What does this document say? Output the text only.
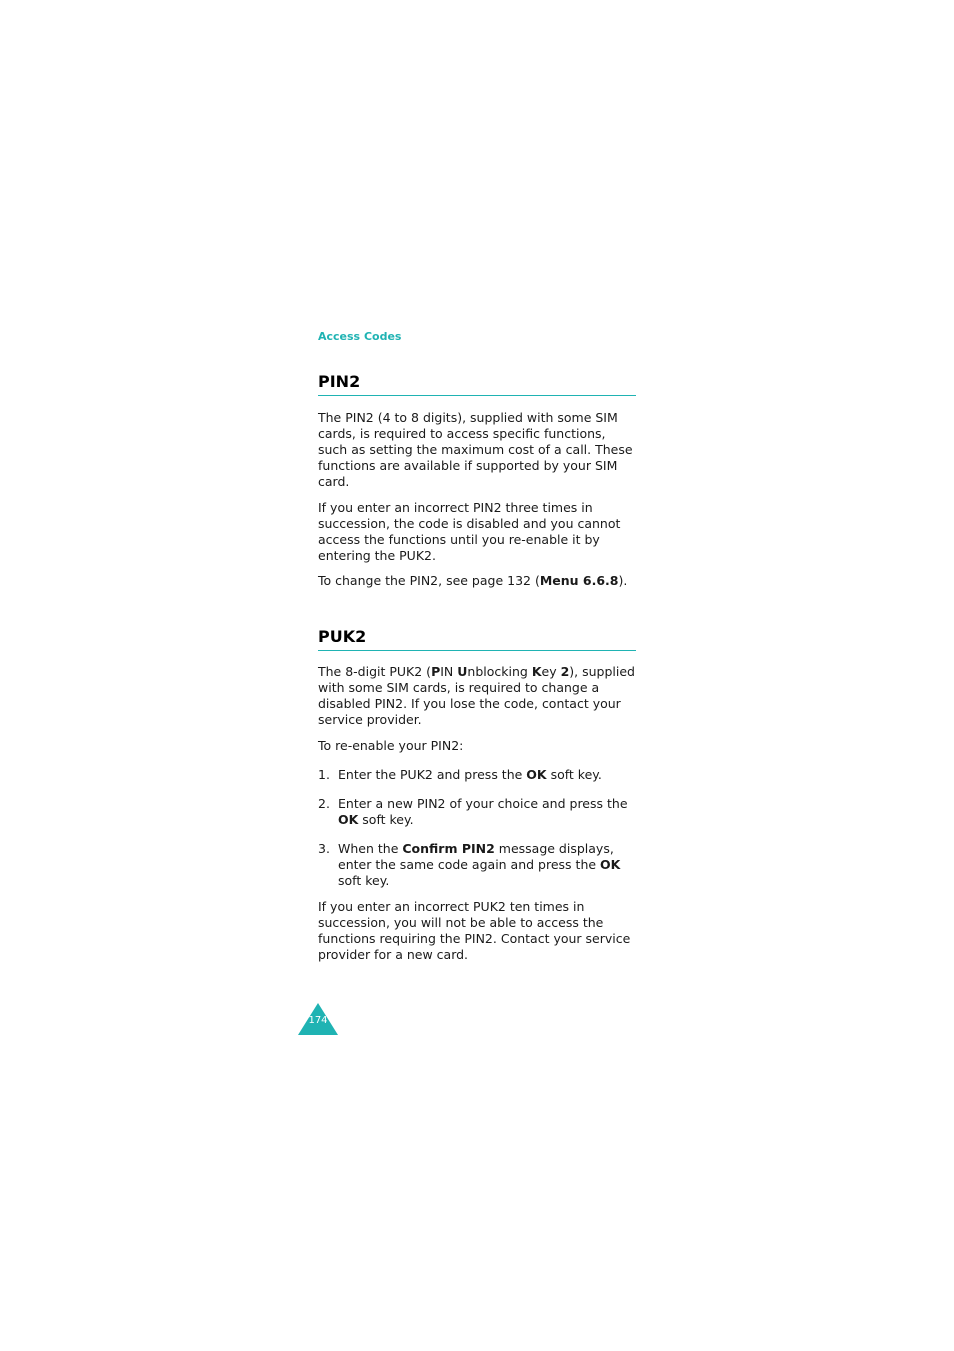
Access Codes
PIN2

The PIN2 (4 to 8 digits), supplied with some SIM cards, is required to access specific functions, such as setting the maximum cost of a call. These functions are available if supported by your SIM card.

If you enter an incorrect PIN2 three times in succession, the code is disabled and you cannot access the functions until you re-enable it by entering the PUK2.

To change the PIN2, see page 132 (Menu 6.6.8).

PUK2

The 8-digit PUK2 (PIN Unblocking Key 2), supplied with some SIM cards, is required to change a disabled PIN2. If you lose the code, contact your service provider.

To re-enable your PIN2:

1. Enter the PUK2 and press the OK soft key.
2. Enter a new PIN2 of your choice and press the OK soft key.
3. When the Confirm PIN2 message displays, enter the same code again and press the OK soft key.

If you enter an incorrect PUK2 ten times in succession, you will not be able to access the functions requiring the PIN2. Contact your service provider for a new card.

174
